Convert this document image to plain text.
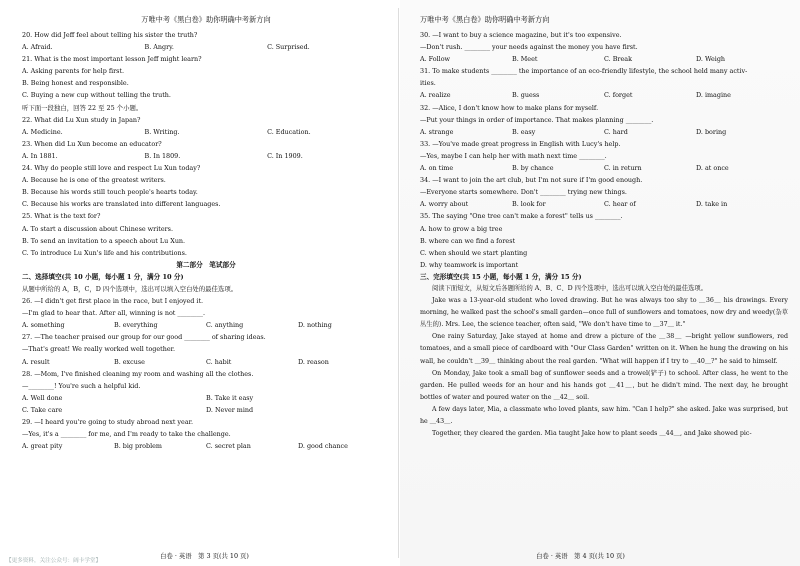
万唯中考《黑白卷》助你明确中考新方向
20. How did Jeff feel about telling his sister the truth?
A. Afraid.	B. Angry.	C. Surprised.
21. What is the most important lesson Jeff might learn?
A. Asking parents for help first.
B. Being honest and responsible.
C. Buying a new cup without telling the truth.
听下面一段独白，回答 22 至 25 个小题。
22. What did Lu Xun study in Japan?
A. Medicine.	B. Writing.	C. Education.
23. When did Lu Xun become an educator?
A. In 1881.	B. In 1809.	C. In 1909.
24. Why do people still love and respect Lu Xun today?
A. Because he is one of the greatest writers.
B. Because his words still touch people's hearts today.
C. Because his works are translated into different languages.
25. What is the text for?
A. To start a discussion about Chinese writers.
B. To send an invitation to a speech about Lu Xun.
C. To introduce Lu Xun's life and his contributions.
第二部分　笔试部分
二、选择填空(共 10 小题，每小题 1 分，满分 10 分)
从题中所给的 A，B，C，D 四个选项中，选出可以填入空白处的最佳选项。
26. —I didn't get first place in the race, but I enjoyed it.
—I'm glad to hear that. After all, winning is not ________.
A. something	B. everything	C. anything	D. nothing
27. —The teacher praised our group for our good ________ of sharing ideas.
—That's great! We really worked well together.
A. result	B. excuse	C. habit	D. reason
28. —Mom, I've finished cleaning my room and washing all the clothes.
—________! You're such a helpful kid.
A. Well done	B. Take it easy
C. Take care	D. Never mind
29. —I heard you're going to study abroad next year.
—Yes, it's a ________ for me, and I'm ready to take the challenge.
A. great pity	B. big problem	C. secret plan	D. good chance
白卷 · 英语　第 3 页(共 10 页)
【更多资料，关注公众号：阔卡学堂】
万唯中考《黑白卷》助你明确中考新方向
30. —I want to buy a science magazine, but it's too expensive.
—Don't rush. ________ your needs against the money you have first.
A. Follow	B. Meet	C. Break	D. Weigh
31. To make students ________ the importance of an eco-friendly lifestyle, the school held many activ-
ities.
A. realize	B. guess	C. forget	D. imagine
32. —Alice, I don't know how to make plans for myself.
—Put your things in order of importance. That makes planning ________.
A. strange	B. easy	C. hard	D. boring
33. —You've made great progress in English with Lucy's help.
—Yes, maybe I can help her with math next time ________.
A. on time	B. by chance	C. in return	D. at once
34. —I want to join the art club, but I'm not sure if I'm good enough.
—Everyone starts somewhere. Don't ________ trying new things.
A. worry about	B. look for	C. hear of	D. take in
35. The saying "One tree can't make a forest" tells us ________.
A. how to grow a big tree
B. where can we find a forest
C. when should we start planting
D. why teamwork is important
三、完形填空(共 15 小题，每小题 1 分，满分 15 分)
阅读下面短文，从短文后各题所给的 A、B、C、D 四个选项中，选出可以填入空白处的最佳选项。
Jake was a 13-year-old student who loved drawing. But he was always too shy to ＿36＿ his drawings. Every morning, he walked past the school's small garden—once full of sunflowers and tomatoes, now dry and weedy(杂草丛生的). Mrs. Lee, the science teacher, often said, "We don't have time to ＿37＿ it."
One rainy Saturday, Jake stayed at home and drew a picture of the ＿38＿ —bright yellow sunflowers, red tomatoes, and a small piece of cardboard with "Our Class Garden" written on it. When he hung the drawing on his wall, he couldn't ＿39＿ thinking about the real garden. "What will happen if I try to ＿40＿?" he said to himself.
On Monday, Jake took a small bag of sunflower seeds and a trowel(铲子) to school. After class, he went to the garden. He pulled weeds for an hour and his hands got ＿41＿, but he didn't mind. The next day, he brought bottles of water and poured water on the ＿42＿ soil.
A few days later, Mia, a classmate who loved plants, saw him. "Can I help?" she asked. Jake was surprised, but he ＿43＿.
Together, they cleared the garden. Mia taught Jake how to plant seeds ＿44＿, and Jake showed pic-
白卷 · 英语　第 4 页(共 10 页)
